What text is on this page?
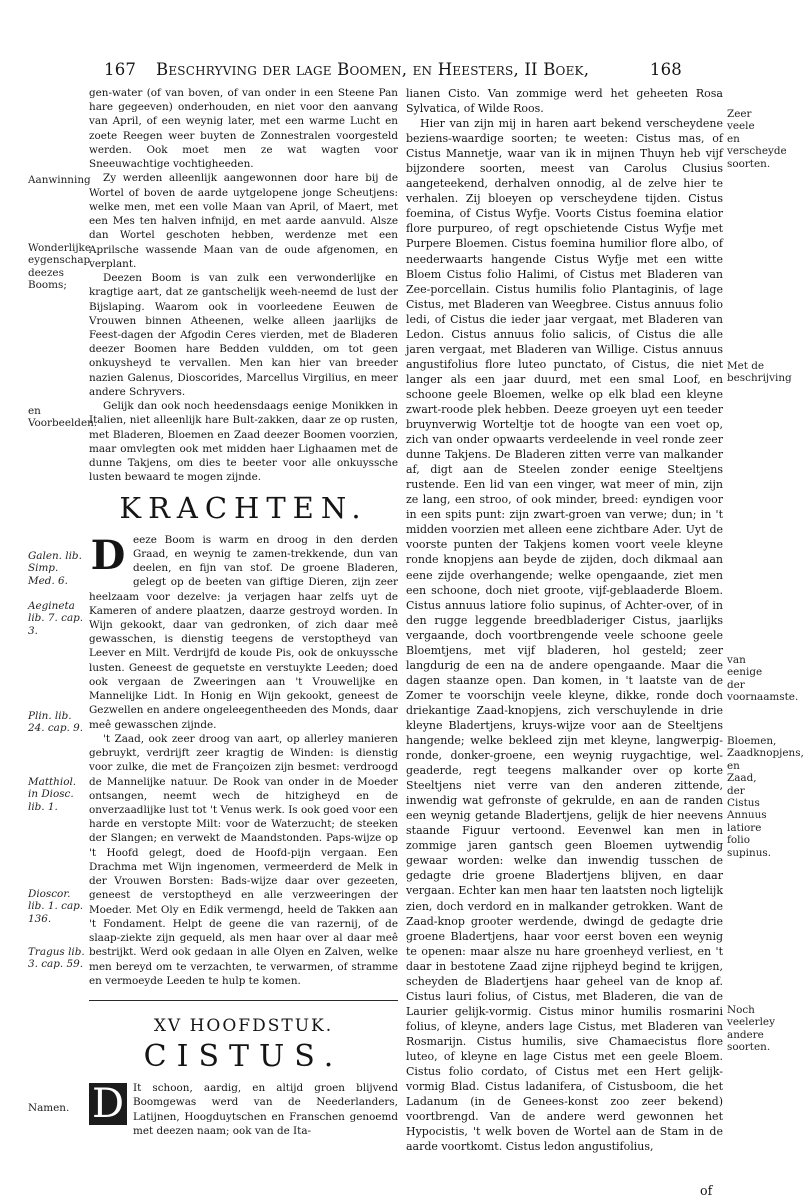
167 Beschryving der lage Boomen, en Heesters, II Boek,	168

gen-water (of van boven, of van onder in een Steene Pan hare gegeeven) onderhouden, en niet voor den aanvang van April, of een weynig later, met een warme Lucht en zoete Reegen weer buyten de Zonnestralen voorgesteld werden. Ook moet men ze wat wagten voor Sneeuwachtige vochtigheeden.

Zy werden alleenlijk aangewonnen door hare bij de Wortel of boven de aarde uytgelopene jonge Scheutjens: welke men, met een volle Maan van April, of Maert, met een Mes ten halven infnijd, en met aarde aanvuld. Alsze dan Wortel geschoten hebben, werdenze met een Aprilsche wassende Maan van de oude afgenomen, en verplant.

Deezen Boom is van zulk een verwonderlijke en kragtige aart, dat ze gantschelijk weeh-neemd de lust der Bijslaping. Waarom ook in voorleedene Eeuwen de Vrouwen binnen Atheenen, welke alleen jaarlijks de Feest-dagen der Afgodin Ceres vierden, met de Bladeren deezer Boomen hare Bedden vuldden, om tot geen onkuysheyd te vervallen. Men kan hier van breeder nazien Galenus, Dioscorides, Marcellus Virgilius, en meer andere Schryvers.

Gelijk dan ook noch heedensdaags eenige Monikken in Italien, niet alleenlijk hare Bult-zakken, daar ze op rusten, met Bladeren, Bloemen en Zaad deezer Boomen voorzien, maar omvlegten ook met midden haer Lighaamen met de dunne Takjens, om dies te beeter voor alle onkuyssche lusten bewaard te mogen zijnde.

KRACHTEN.

Deeze Boom is warm en droog in den derden Graad, en weynig te zamen-trekkende, dun van deelen, en fijn van stof. De groene Bladeren, gelegt op de beeten van giftige Dieren, zijn zeer heelzaam voor dezelve: ja verjagen haar zelfs uyt de Kameren of andere plaatzen, daarze gestroyd worden. In Wijn gekookt, daar van gedronken, of zich daar meê gewasschen, is dienstig teegens de verstoptheyd van Leever en Milt. Verdrijfd de koude Pis, ook de onkuyssche lusten. Geneest de gequetste en verstuykte Leeden; doed ook vergaan de Zweeringen aan 't Vrouwelijke en Mannelijke Lidt. In Honig en Wijn gekookt, geneest de Gezwellen en andere ongeleegentheeden des Monds, daar meê gewasschen zijnde.

't Zaad, ook zeer droog van aart, op allerley manieren gebruykt, verdrijft zeer kragtig de Winden: is dienstig voor zulke, die met de Françoizen zijn besmet: verdroogd de Mannelijke natuur. De Rook van onder in de Moeder ontsangen, neemt wech de hitzigheyd en de onverzaadlijke lust tot 't Venus werk. Is ook goed voor een harde en verstopte Milt: voor de Waterzucht; de steeken der Slangen; en verwekt de Maandstonden. Paps-wijze op 't Hoofd gelegt, doed de Hoofd-pijn vergaan. Een Drachma met Wijn ingenomen, vermeerderd de Melk in der Vrouwen Borsten: Bads-wijze daar over gezeeten, geneest de verstoptheyd en alle verzweeringen der Moeder. Met Oly en Edik vermengd, heeld de Takken aan 't Fondament. Helpt de geene die van razernij, of de slaap-ziekte zijn gequeld, als men haar over al daar meê bestrijkt. Werd ook gedaan in alle Olyen en Zalven, welke men bereyd om te verzachten, te verwarmen, of stramme en vermoeyde Leeden te hulp te komen.

XV HOOFDSTUK.
CISTUS.

D It schoon, aardig, en altijd groen blijvend Boomgewas werd van de Neederlanders, Latijnen, Hoogduytschen en Franschen genoemd met deezen naam; ook van de Ita-

lianen Cisto. Van zommige werd het geheeten Rosa Sylvatica, of Wilde Roos.

Hier van zijn mij in haren aart bekend verscheydene beziens-waardige soorten; te weeten: Cistus mas, of Cistus Mannetje, waar van ik in mijnen Thuyn heb vijf bijzondere soorten, meest van Carolus Clusius aangeteekend, derhalven onnodig, al de zelve hier te verhalen. Zij bloeyen op verscheydene tijden. Cistus foemina, of Cistus Wyfje. Voorts Cistus foemina elatior flore purpureo, of regt opschietende Cistus Wyfje met Purpere Bloemen. Cistus foemina humilior flore albo, of neederwaarts hangende Cistus Wyfje met een witte Bloem Cistus folio Halimi, of Cistus met Bladeren van Zee-porcellain. Cistus humilis folio Plantaginis, of lage Cistus, met Bladeren van Weegbree. Cistus annuus folio ledi, of Cistus die ieder jaar vergaat, met Bladeren van Ledon. Cistus annuus folio salicis, of Cistus die alle jaren vergaat, met Bladeren van Willige. Cistus annuus angustifolius flore luteo punctato, of Cistus, die niet langer als een jaar duurd, met een smal Loof, en schoone geele Bloemen, welke op elk blad een kleyne zwart-roode plek hebben. Deeze groeyen uyt een teeder bruynverwig Worteltje tot de hoogte van een voet op, zich van onder opwaarts verdeelende in veel ronde zeer dunne Takjens. De Bladeren zitten verre van malkander af, digt aan de Steelen zonder eenige Steeltjens rustende. Een lid van een vinger, wat meer of min, zijn ze lang, een stroo, of ook minder, breed: eyndigen voor in een spits punt: zijn zwart-groen van verwe; dun; in 't midden voorzien met alleen eene zichtbare Ader. Uyt de voorste punten der Takjens komen voort veele kleyne ronde knopjens aan beyde de zijden, doch dikmaal aan eene zijde overhangende; welke opengaande, ziet men een schoone, doch niet groote, vijf-geblaaderde Bloem. Cistus annuus latiore folio supinus, of Achter-over, of in den rugge leggende breedbladeriger Cistus, jaarlijks vergaande, doch voortbrengende veele schoone geele Bloemtjens, met vijf bladeren, hol gesteld; zeer langdurig de een na de andere opengaande. Maar die dagen staanze open. Dan komen, in 't laatste van de Zomer te voorschijn veele kleyne, dikke, ronde doch driekantige Zaad-knopjens, zich verschuylende in drie kleyne Bladertjens, kruys-wijze voor aan de Steeltjens hangende; welke bekleed zijn met kleyne, langwerpig-ronde, donker-groene, een weynig ruygachtige, wel-geaderde, regt teegens malkander over op korte Steeltjens niet verre van den anderen zittende, inwendig wat gefronste of gekrulde, en aan de randen een weynig getande Bladertjens, gelijk de hier neevens staande Figuur vertoond. Eevenwel kan men in zommige jaren gantsch geen Bloemen uytwendig gewaar worden: welke dan inwendig tusschen de gedagte drie groene Bladertjens blijven, en daar vergaan. Echter kan men haar ten laatsten noch ligtelijk zien, doch verdord en in malkander getrokken. Want de Zaad-knop grooter werdende, dwingd de gedagte drie groene Bladertjens, haar voor eerst boven een weynig te openen: maar alsze nu hare groenheyd verliest, en 't daar in bestotene Zaad zijne rijpheyd begind te krijgen, scheyden de Bladertjens haar geheel van de knop af. Cistus lauri folius, of Cistus, met Bladeren, die van de Laurier gelijk-vormig. Cistus minor humilis rosmarini folius, of kleyne, anders lage Cistus, met Bladeren van Rosmarijn. Cistus humilis, sive Chamaecistus flore luteo, of kleyne en lage Cistus met een geele Bloem. Cistus folio cordato, of Cistus met een Hert gelijk-vormig Blad. Cistus ladanifera, of Cistusboom, die het Ladanum (in de Genees-konst zoo zeer bekend) voortbrengd. Van de andere werd gewonnen het Hypocistis, 't welk boven de Wortel aan de Stam in de aarde voortkomt. Cistus ledon angustifolius,

Aanwinning
Wonderlijke eygenschap deezes Booms;
en Voorbeelden.
Galen. lib. Simp. Med. 6.
Aegineta lib. 7. cap. 3.
Plin. lib. 24. cap. 9.
Matthiol. in Diosc. lib. 1.
Dioscor. lib. 1. cap. 136.
Tragus lib. 3. cap. 59.
Namen.
Zeer veele en verscheyde soorten.
Met de beschrijving
van eenige der voornaamste.
Bloemen, Zaadknopjens, en Zaad, der Cistus Annuus latiore folio supinus.
Noch veelerley andere soorten.
of
